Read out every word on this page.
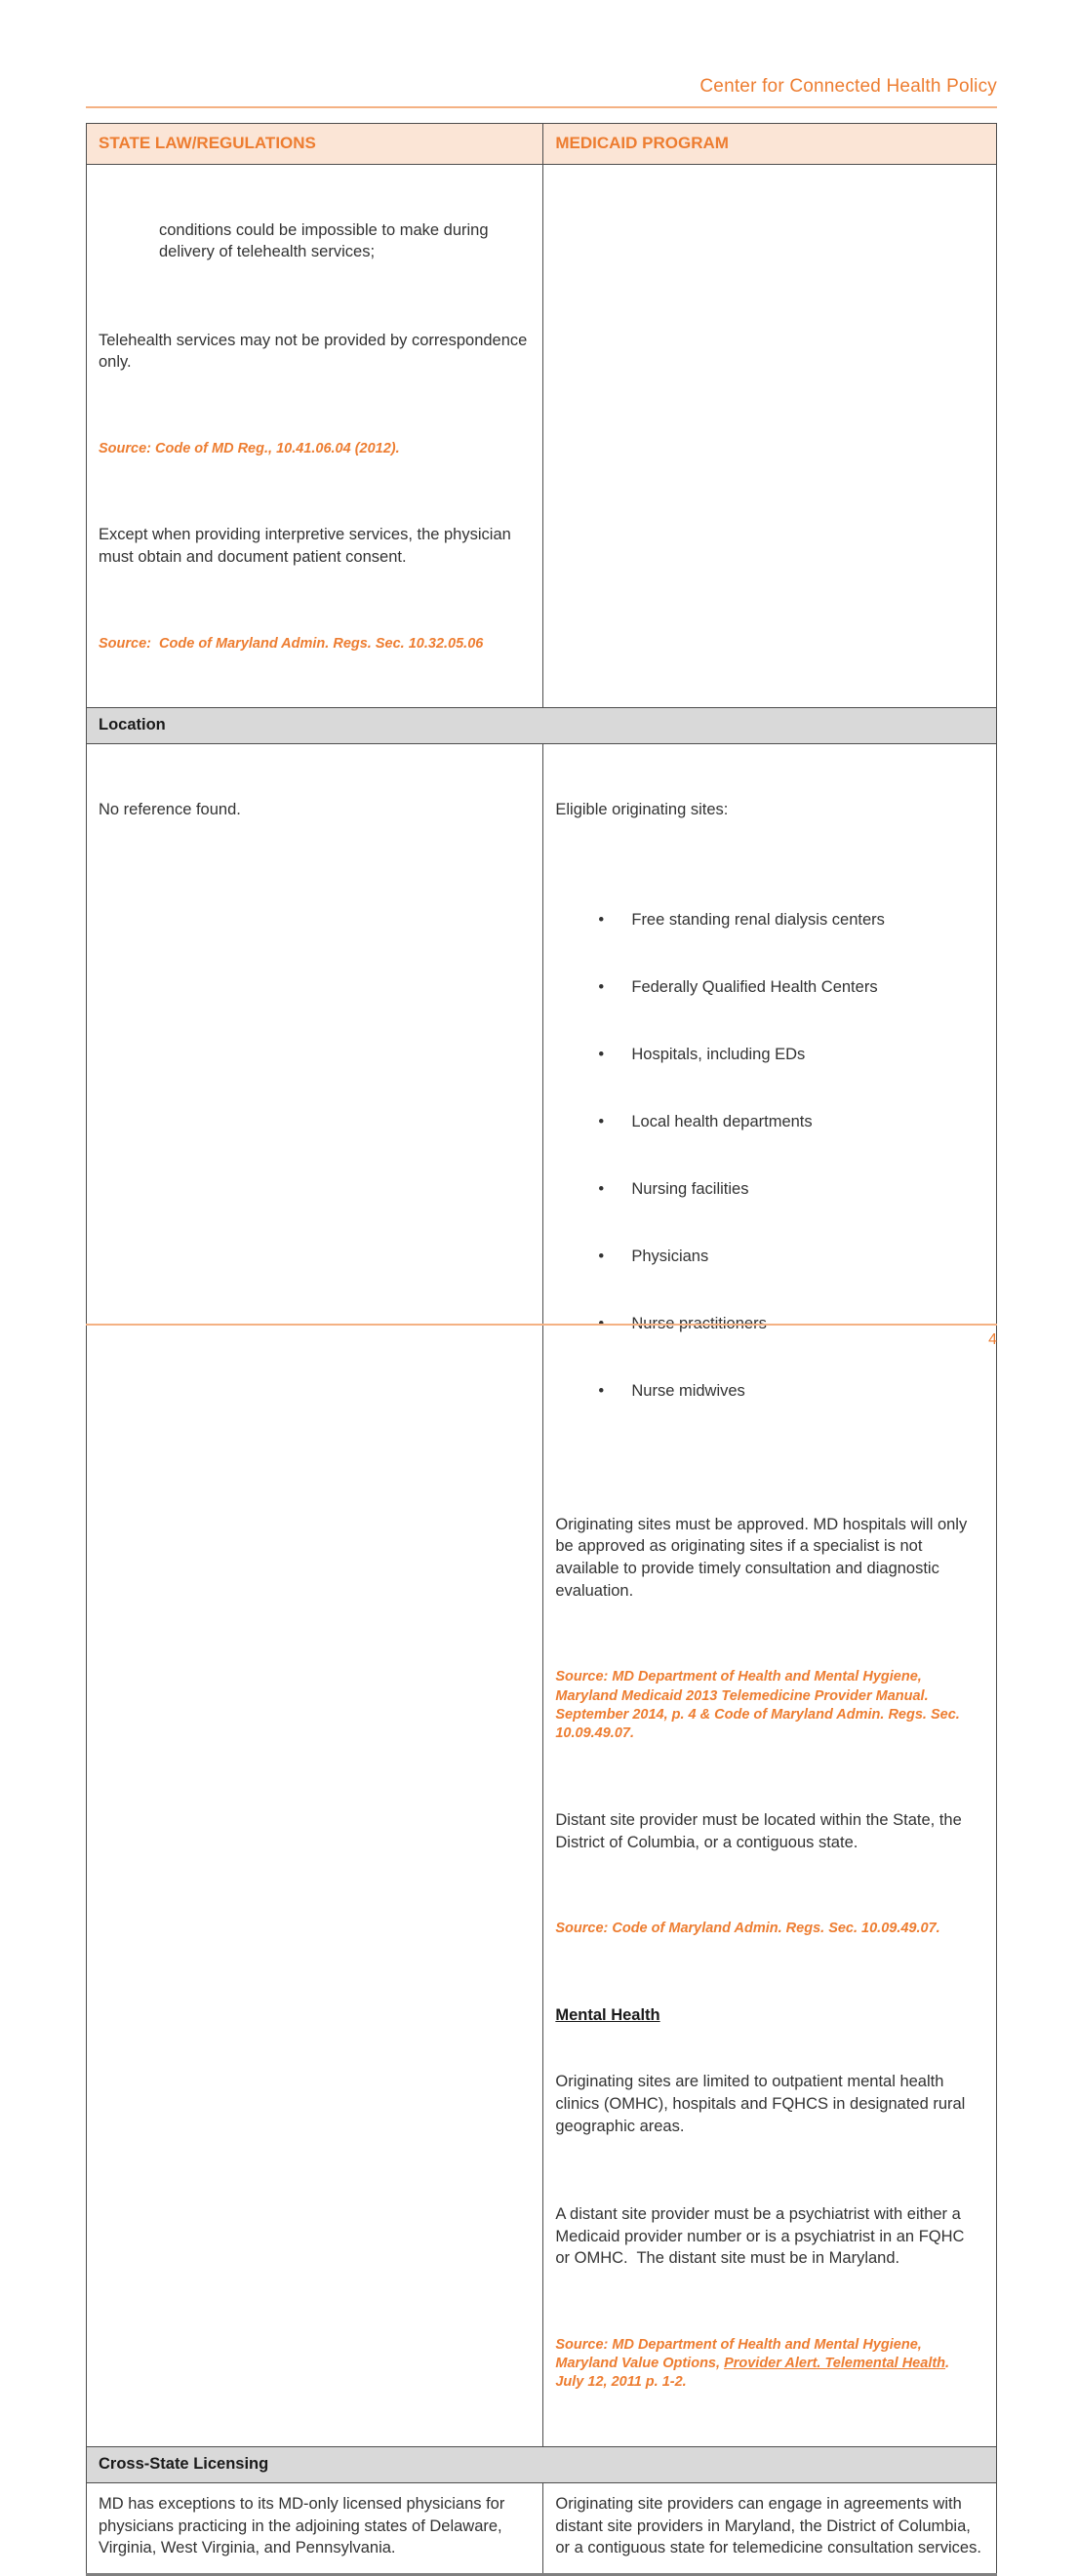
Center for Connected Health Policy
STATE LAW/REGULATIONS	MEDICAID PROGRAM

conditions could be impossible to make during delivery of telehealth services;

Telehealth services may not be provided by correspondence only.

Source: Code of MD Reg., 10.41.06.04 (2012).

Except when providing interpretive services, the physician must obtain and document patient consent.

Source:  Code of Maryland Admin. Regs. Sec. 10.32.05.06	

Location	

No reference found.	Eligible originating sites:

• Free standing renal dialysis centers

• Federally Qualified Health Centers

• Hospitals, including EDs

• Local health departments

• Nursing facilities

• Physicians

• Nurse practitioners

• Nurse midwives

Originating sites must be approved. MD hospitals will only be approved as originating sites if a specialist is not available to provide timely consultation and diagnostic evaluation.

Source: MD Department of Health and Mental Hygiene, Maryland Medicaid 2013 Telemedicine Provider Manual. September 2014, p. 4 & Code of Maryland Admin. Regs. Sec. 10.09.49.07.

Distant site provider must be located within the State, the District of Columbia, or a contiguous state.

Source: Code of Maryland Admin. Regs. Sec. 10.09.49.07.

Mental Health

Originating sites are limited to outpatient mental health clinics (OMHC), hospitals and FQHCS in designated rural geographic areas.

A distant site provider must be a psychiatrist with either a Medicaid provider number or is a psychiatrist in an FQHC or OMHC.  The distant site must be in Maryland.

Source: MD Department of Health and Mental Hygiene, Maryland Value Options, Provider Alert. Telemental Health.  July 12, 2011 p. 1-2.

Cross-State Licensing	
MD has exceptions to its MD-only licensed physicians for physicians practicing in the adjoining states of Delaware, Virginia, West Virginia, and Pennsylvania.	Originating site providers can engage in agreements with distant site providers in Maryland, the District of Columbia, or a contiguous state for telemedicine consultation services.
4
